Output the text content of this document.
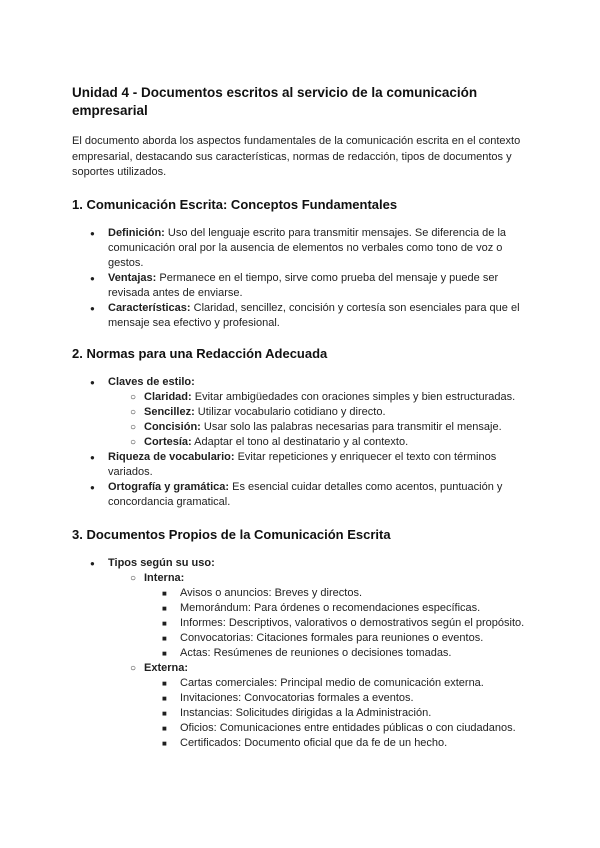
Unidad 4 - Documentos escritos al servicio de la comunicación empresarial

El documento aborda los aspectos fundamentales de la comunicación escrita en el contexto empresarial, destacando sus características, normas de redacción, tipos de documentos y soportes utilizados.

1. Comunicación Escrita: Conceptos Fundamentales
● Definición: Uso del lenguaje escrito para transmitir mensajes. Se diferencia de la comunicación oral por la ausencia de elementos no verbales como tono de voz o gestos.
● Ventajas: Permanece en el tiempo, sirve como prueba del mensaje y puede ser revisada antes de enviarse.
● Características: Claridad, sencillez, concisión y cortesía son esenciales para que el mensaje sea efectivo y profesional.
2. Normas para una Redacción Adecuada
● Claves de estilo:
○ Claridad: Evitar ambigüedades con oraciones simples y bien estructuradas.
○ Sencillez: Utilizar vocabulario cotidiano y directo.
○ Concisión: Usar solo las palabras necesarias para transmitir el mensaje.
○ Cortesía: Adaptar el tono al destinatario y al contexto.
● Riqueza de vocabulario: Evitar repeticiones y enriquecer el texto con términos variados.
● Ortografía y gramática: Es esencial cuidar detalles como acentos, puntuación y concordancia gramatical.
3. Documentos Propios de la Comunicación Escrita
● Tipos según su uso:
○ Interna:
■ Avisos o anuncios: Breves y directos.
■ Memorándum: Para órdenes o recomendaciones específicas.
■ Informes: Descriptivos, valorativos o demostrativos según el propósito.
■ Convocatorias: Citaciones formales para reuniones o eventos.
■ Actas: Resúmenes de reuniones o decisiones tomadas.
○ Externa:
■ Cartas comerciales: Principal medio de comunicación externa.
■ Invitaciones: Convocatorias formales a eventos.
■ Instancias: Solicitudes dirigidas a la Administración.
■ Oficios: Comunicaciones entre entidades públicas o con ciudadanos.
■ Certificados: Documento oficial que da fe de un hecho.
